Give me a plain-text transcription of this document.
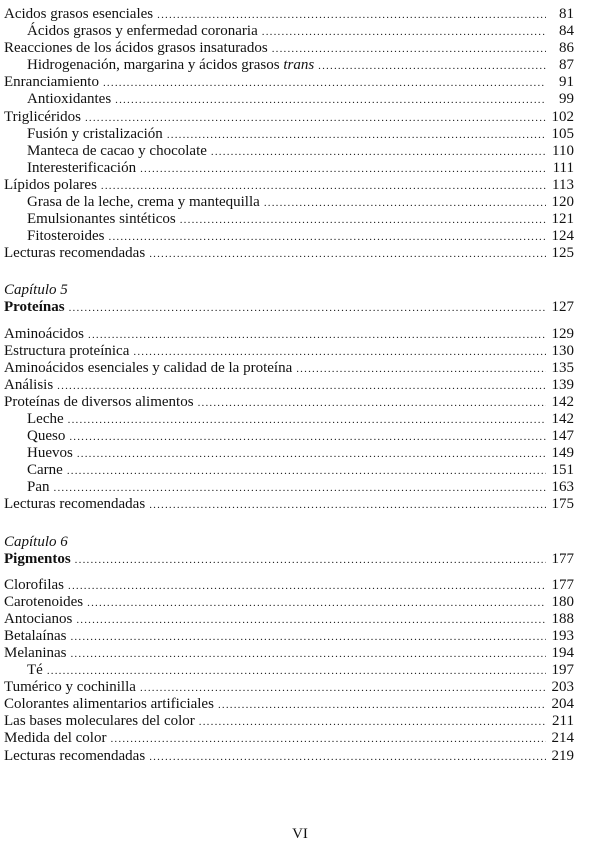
Acidos grasos esenciales .....	81
Ácidos grasos y enfermedad coronaria .....	84
Reacciones de los ácidos grasos insaturados .....	86
Hidrogenación, margarina y ácidos grasos trans .....	87
Enranciamiento .....	91
Antioxidantes .....	99
Triglicéridos .....	102
Fusión y cristalización .....	105
Manteca de cacao y chocolate .....	110
Interesterificación .....	111
Lípidos polares .....	113
Grasa de la leche, crema y mantequilla .....	120
Emulsionantes sintéticos .....	121
Fitosteroides .....	124
Lecturas recomendadas .....	125
Capítulo 5
Proteínas .....	127
Aminoácidos .....	129
Estructura proteínica .....	130
Aminoácidos esenciales y calidad de la proteína .....	135
Análisis .....	139
Proteínas de diversos alimentos .....	142
Leche .....	142
Queso .....	147
Huevos .....	149
Carne .....	151
Pan .....	163
Lecturas recomendadas .....	175
Capítulo 6
Pigmentos .....	177
Clorofilas .....	177
Carotenoides .....	180
Antocianos .....	188
Betalaínas .....	193
Melaninas .....	194
Té .....	197
Tumérico y cochinilla .....	203
Colorantes alimentarios artificiales .....	204
Las bases moleculares del color .....	211
Medida del color .....	214
Lecturas recomendadas .....	219
VI
